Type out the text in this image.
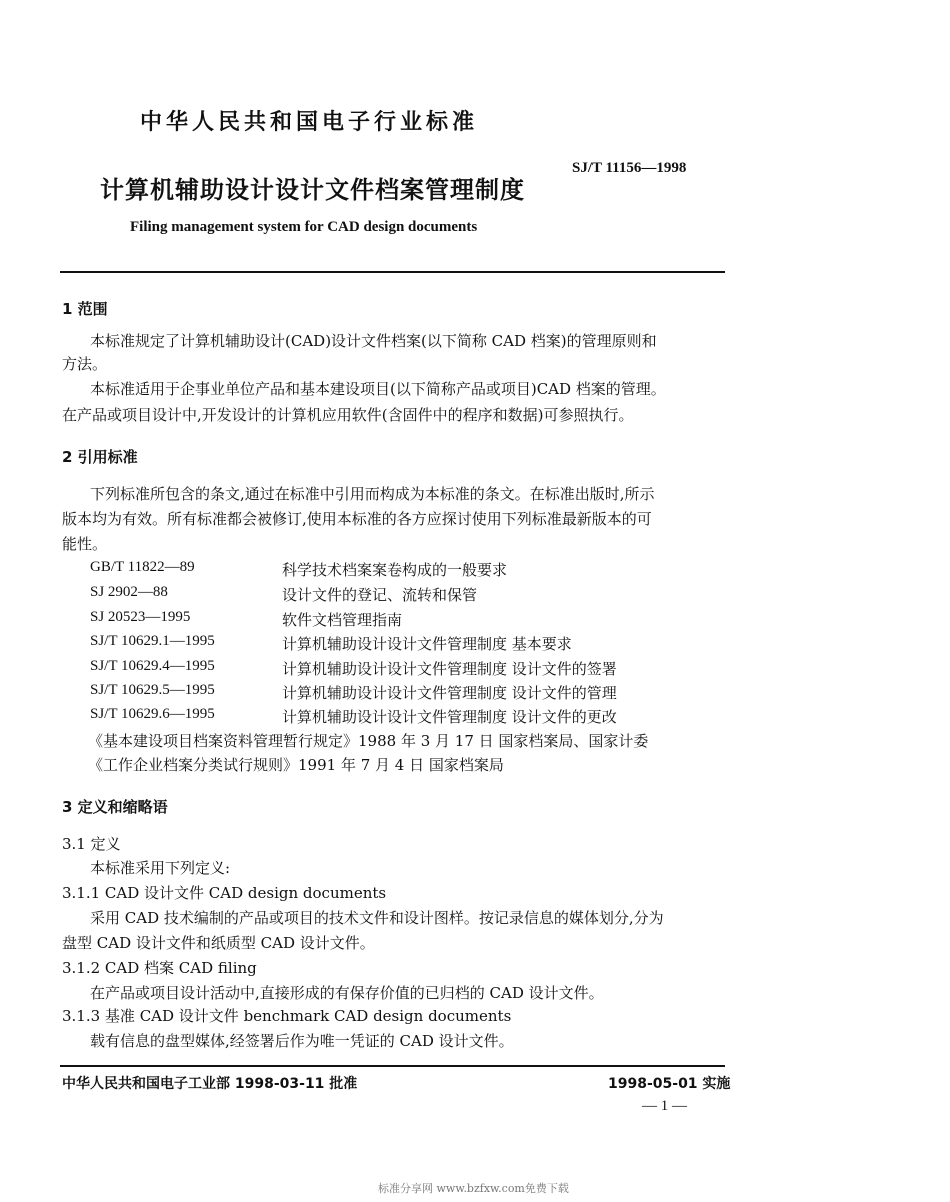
中华人民共和国电子行业标准
计算机辅助设计设计文件档案管理制度
SJ/T 11156—1998
Filing management system for CAD design documents
1 范围
本标准规定了计算机辅助设计(CAD)设计文件档案(以下简称 CAD 档案)的管理原则和
方法。
本标准适用于企事业单位产品和基本建设项目(以下简称产品或项目)CAD 档案的管理。
在产品或项目设计中,开发设计的计算机应用软件(含固件中的程序和数据)可参照执行。
2 引用标准
下列标准所包含的条文,通过在标准中引用而构成为本标准的条文。在标准出版时,所示
版本均为有效。所有标准都会被修订,使用本标准的各方应探讨使用下列标准最新版本的可
能性。
GB/T 11822—89	科学技术档案案卷构成的一般要求
SJ 2902—88	设计文件的登记、流转和保管
SJ 20523—1995	软件文档管理指南
SJ/T 10629.1—1995	计算机辅助设计设计文件管理制度 基本要求
SJ/T 10629.4—1995	计算机辅助设计设计文件管理制度 设计文件的签署
SJ/T 10629.5—1995	计算机辅助设计设计文件管理制度 设计文件的管理
SJ/T 10629.6—1995	计算机辅助设计设计文件管理制度 设计文件的更改
《基本建设项目档案资料管理暂行规定》1988 年 3 月 17 日 国家档案局、国家计委
《工作企业档案分类试行规则》1991 年 7 月 4 日 国家档案局
3 定义和缩略语
3.1 定义
本标准采用下列定义:
3.1.1 CAD 设计文件 CAD design documents
采用 CAD 技术编制的产品或项目的技术文件和设计图样。按记录信息的媒体划分,分为
盘型 CAD 设计文件和纸质型 CAD 设计文件。
3.1.2 CAD 档案 CAD filing
在产品或项目设计活动中,直接形成的有保存价值的已归档的 CAD 设计文件。
3.1.3 基准 CAD 设计文件 benchmark CAD design documents
载有信息的盘型媒体,经签署后作为唯一凭证的 CAD 设计文件。
中华人民共和国电子工业部 1998-03-11 批准	1998-05-01 实施
— 1 —
标准分享网 www.bzfxw.com免费下载
